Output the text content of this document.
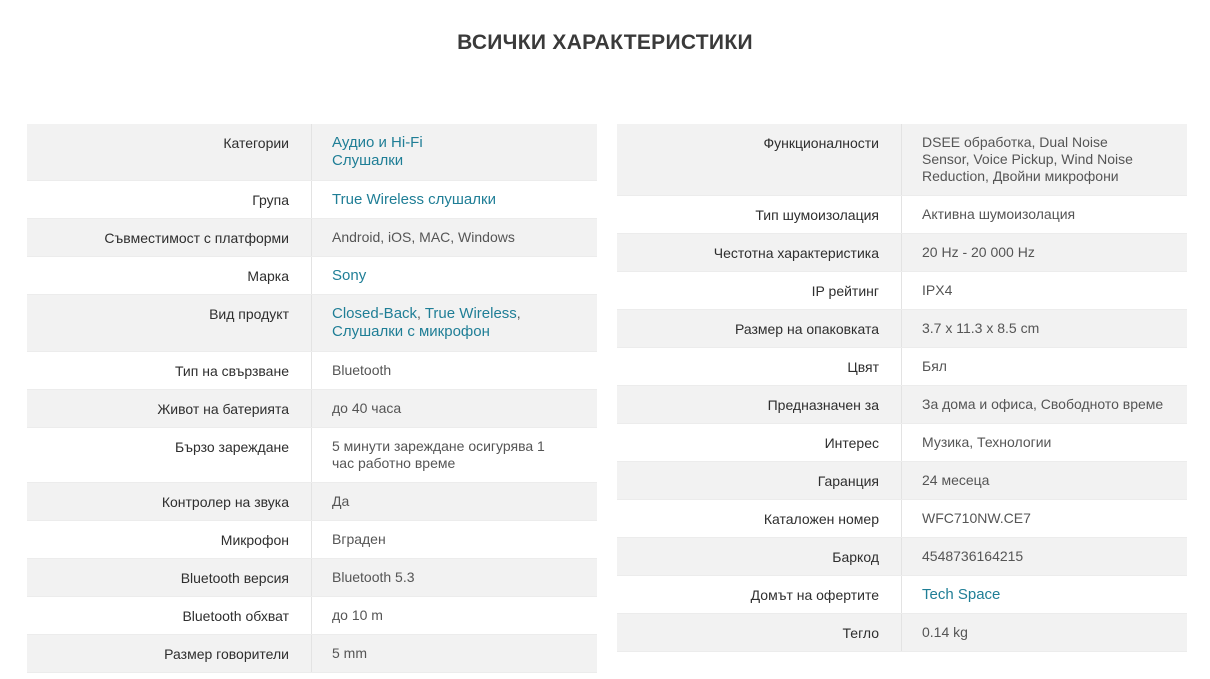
ВСИЧКИ ХАРАКТЕРИСТИКИ
Категории	Аудио и Hi-Fi
Слушалки
Група	True Wireless слушалки
Съвместимост с платформи	Android, iOS, MAC, Windows
Марка	Sony
Вид продукт	Closed-Back, True Wireless,
Слушалки с микрофон
Тип на свързване	Bluetooth
Живот на батерията	до 40 часа
Бързо зареждане	5 минути зареждане осигурява 1 час работно време
Контролер на звука	Да
Микрофон	Вграден
Bluetooth версия	Bluetooth 5.3
Bluetooth обхват	до 10 m
Размер говорители	5 mm
Функционалности	DSEE обработка, Dual Noise Sensor, Voice Pickup, Wind Noise Reduction, Двойни микрофони
Тип шумоизолация	Активна шумоизолация
Честотна характеристика	20 Hz - 20 000 Hz
IP рейтинг	IPX4
Размер на опаковката	3.7 x 11.3 x 8.5 cm
Цвят	Бял
Предназначен за	За дома и офиса, Свободното време
Интерес	Музика, Технологии
Гаранция	24 месеца
Каталожен номер	WFC710NW.CE7
Баркод	4548736164215
Домът на офертите	Tech Space
Тегло	0.14 kg
